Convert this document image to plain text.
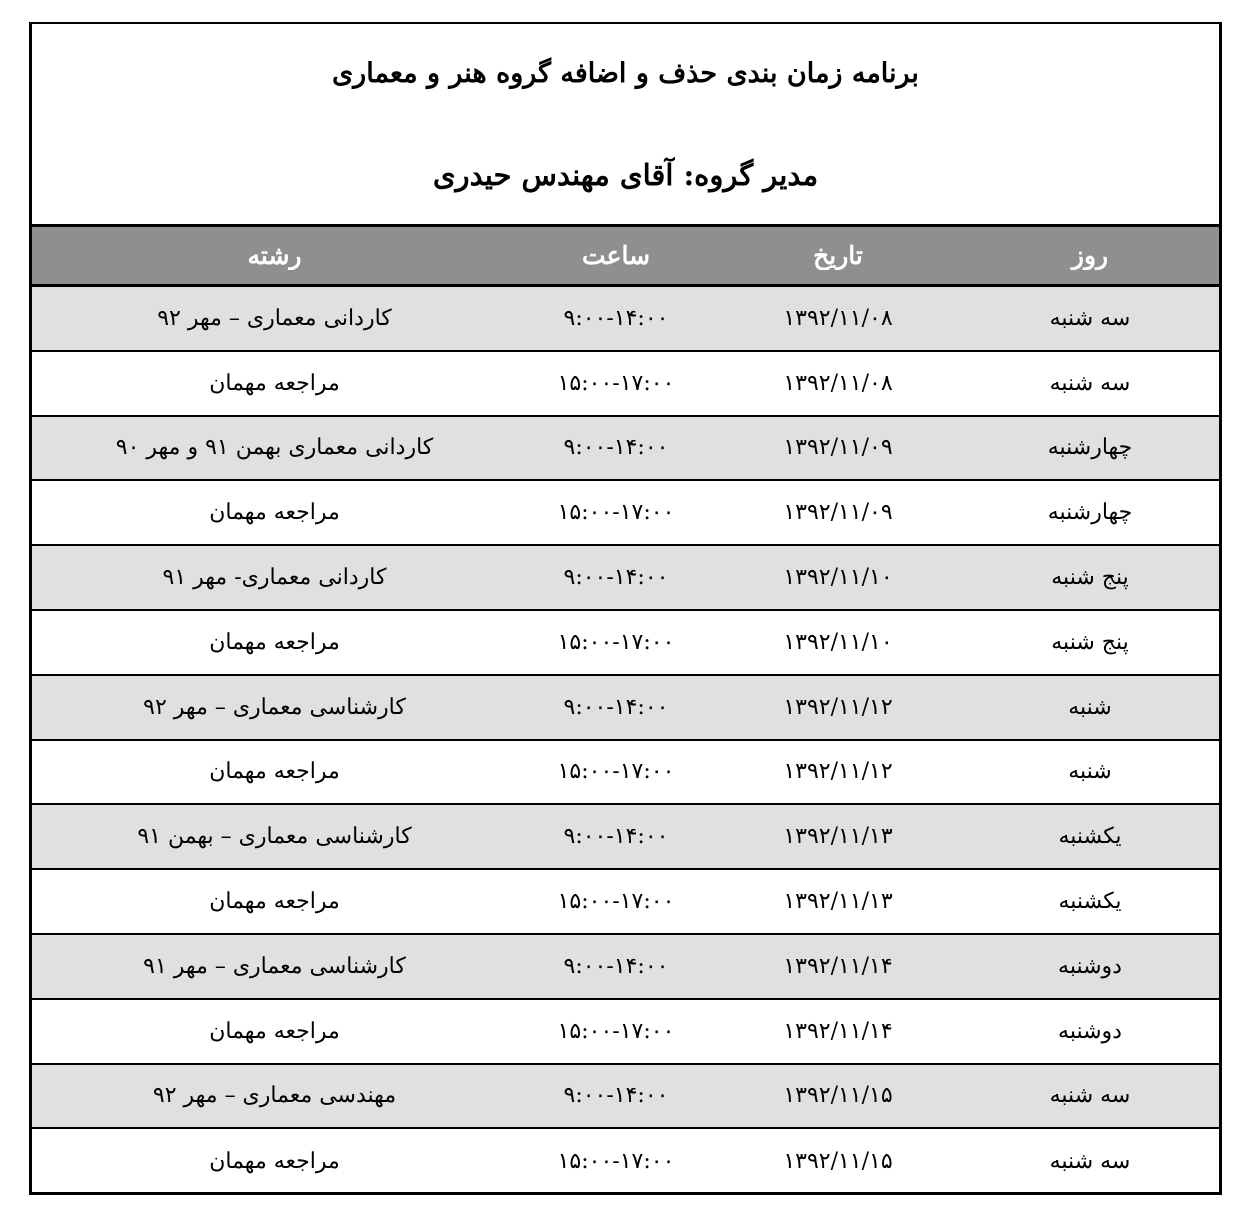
برنامه زمان بندی حذف و اضافه گروه هنر و معماری
مدیر گروه: آقای مهندس حیدری
روز
تاریخ
ساعت
رشته
سه شنبه
۱۳۹۲/۱۱/۰۸
۹:۰۰-۱۴:۰۰
کاردانی معماری – مهر ۹۲
سه شنبه
۱۳۹۲/۱۱/۰۸
۱۵:۰۰-۱۷:۰۰
مراجعه مهمان
چهارشنبه
۱۳۹۲/۱۱/۰۹
۹:۰۰-۱۴:۰۰
کاردانی معماری بهمن ۹۱ و مهر ۹۰
چهارشنبه
۱۳۹۲/۱۱/۰۹
۱۵:۰۰-۱۷:۰۰
مراجعه مهمان
پنج شنبه
۱۳۹۲/۱۱/۱۰
۹:۰۰-۱۴:۰۰
کاردانی معماری- مهر ۹۱
پنج شنبه
۱۳۹۲/۱۱/۱۰
۱۵:۰۰-۱۷:۰۰
مراجعه مهمان
شنبه
۱۳۹۲/۱۱/۱۲
۹:۰۰-۱۴:۰۰
کارشناسی معماری – مهر ۹۲
شنبه
۱۳۹۲/۱۱/۱۲
۱۵:۰۰-۱۷:۰۰
مراجعه مهمان
یکشنبه
۱۳۹۲/۱۱/۱۳
۹:۰۰-۱۴:۰۰
کارشناسی معماری – بهمن ۹۱
یکشنبه
۱۳۹۲/۱۱/۱۳
۱۵:۰۰-۱۷:۰۰
مراجعه مهمان
دوشنبه
۱۳۹۲/۱۱/۱۴
۹:۰۰-۱۴:۰۰
کارشناسی معماری – مهر ۹۱
دوشنبه
۱۳۹۲/۱۱/۱۴
۱۵:۰۰-۱۷:۰۰
مراجعه مهمان
سه شنبه
۱۳۹۲/۱۱/۱۵
۹:۰۰-۱۴:۰۰
مهندسی معماری – مهر ۹۲
سه شنبه
۱۳۹۲/۱۱/۱۵
۱۵:۰۰-۱۷:۰۰
مراجعه مهمان
